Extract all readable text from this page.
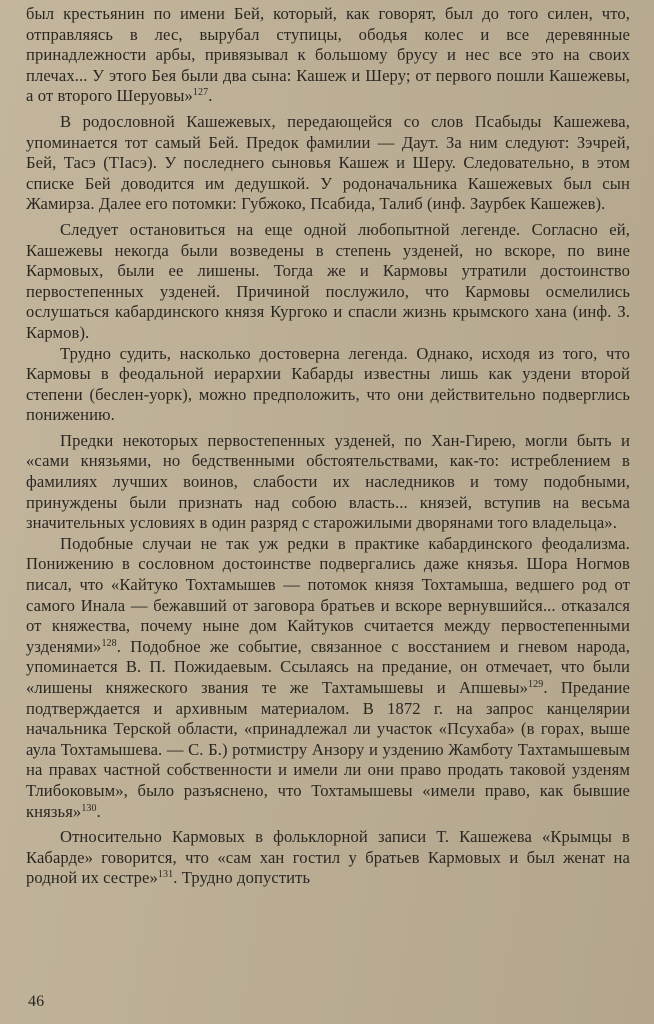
был крестьянин по имени Бей, который, как говорят, был до того силен, что, отправляясь в лес, вырубал ступицы, ободья колес и все деревянные принадлежности арбы, привязывал к большому брусу и нес все это на своих плечах... У этого Бея были два сына: Кашеж и Шеру; от первого пошли Кашежевы, а от второго Шеруовы»$^{127}$.

В родословной Кашежевых, передающейся со слов Псабыды Кашежева, упоминается тот самый Бей. Предок фамилии — Даут. За ним следуют: Зэчрей, Бей, Тасэ (ТIасэ). У последнего сыновья Кашеж и Шеру. Следовательно, в этом списке Бей доводится им дедушкой. У родоначальника Кашежевых был сын Жамирза. Далее его потомки: Губжоко, Псабида, Талиб (инф. Заурбек Кашежев).

Следует остановиться на еще одной любопытной легенде. Согласно ей, Кашежевы некогда были возведены в степень узденей, но вскоре, по вине Кармовых, были ее лишены. Тогда же и Кармовы утратили достоинство первостепенных узденей. Причиной послужило, что Кармовы осмелились ослушаться кабардинского князя Кургоко и спасли жизнь крымского хана (инф. З. Кармов).

Трудно судить, насколько достоверна легенда. Однако, исходя из того, что Кармовы в феодальной иерархии Кабарды известны лишь как уздени второй степени (беслен-уорк), можно предположить, что они действительно подверглись понижению.

Предки некоторых первостепенных узденей, по Хан-Гирею, могли быть и «сами князьями, но бедственными обстоятельствами, как-то: истреблением в фамилиях лучших воинов, слабости их наследников и тому подобными, принуждены были признать над собою власть... князей, вступив на весьма значительных условиях в один разряд с старожилыми дворянами того владельца».

Подобные случаи не так уж редки в практике кабардинского феодализма. Понижению в сословном достоинстве подвергались даже князья. Шора Ногмов писал, что «Кайтуко Тохтамышев — потомок князя Тохтамыша, ведшего род от самого Инала — бежавший от заговора братьев и вскоре вернувшийся... отказался от княжества, почему ныне дом Кайтуков считается между первостепенными узденями»$^{128}$. Подобное же событие, связанное с восстанием и гневом народа, упоминается В. П. Пожидаевым. Ссылаясь на предание, он отмечает, что были «лишены княжеского звания те же Тахтамышевы и Апшевы»$^{129}$. Предание подтверждается и архивным материалом. В 1872 г. на запрос канцелярии начальника Терской области, «принадлежал ли участок «Псухаба» (в горах, выше аула Тохтамышева. — С. Б.) ротмистру Анзору и уздению Жамботу Тахтамышевым на правах частной собственности и имели ли они право продать таковой узденям Тлибоковым», было разъяснено, что Тохтамышевы «имели право, как бывшие князья»$^{130}$.

Относительно Кармовых в фольклорной записи Т. Кашежева «Крымцы в Кабарде» говорится, что «сам хан гостил у братьев Кармовых и был женат на родной их сестре»$^{131}$. Трудно допустить

46
